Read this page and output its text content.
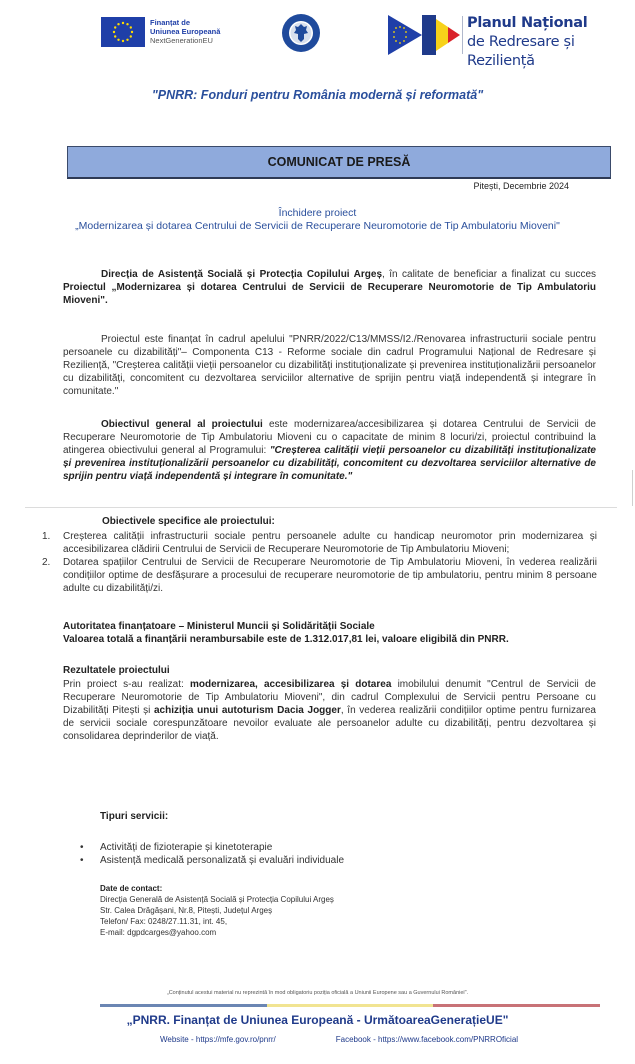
Finanțat de
Uniunea Europeană
NextGenerationEU
Planul Național
de Redresare și Reziliență
"PNRR: Fonduri pentru România modernă și reformată"
COMUNICAT DE PRESĂ
Pitești, Decembrie 2024
Închidere proiect
„Modernizarea și dotarea Centrului de Servicii de Recuperare Neuromotorie de Tip Ambulatoriu Mioveni"
Direcția de Asistență Socială și Protecția Copilului Argeș, în calitate de beneficiar a finalizat cu succes Proiectul „Modernizarea și dotarea Centrului de Servicii de Recuperare Neuromotorie de Tip Ambulatoriu Mioveni".
Proiectul este finanțat în cadrul apelului "PNRR/2022/C13/MMSS/I2./Renovarea infrastructurii sociale pentru persoanele cu dizabilități"– Componenta C13 - Reforme sociale din cadrul Programului Național de Redresare și Reziliență, "Creșterea calității vieții persoanelor cu dizabilități instituționalizate și prevenirea instituționalizării persoanelor cu dizabilități, concomitent cu dezvoltarea serviciilor alternative de sprijin pentru viață independentă și integrare în comunitate."
Obiectivul general al proiectului este modernizarea/accesibilizarea și dotarea Centrului de Servicii de Recuperare Neuromotorie de Tip Ambulatoriu Mioveni cu o capacitate de minim 8 locuri/zi, proiectul contribuind la atingerea obiectivului general al Programului: "Creșterea calității vieții persoanelor cu dizabilități instituționalizate și prevenirea instituționalizării persoanelor cu dizabilități, concomitent cu dezvoltarea serviciilor alternative de sprijin pentru viață independentă și integrare în comunitate."
Obiectivele specifice ale proiectului:
1.	Creșterea calității infrastructurii sociale pentru persoanele adulte cu handicap neuromotor prin modernizarea și accesibilizarea clădirii Centrului de Servicii de Recuperare Neuromotorie de Tip Ambulatoriu Mioveni;
2.	Dotarea spațiilor Centrului de Servicii de Recuperare Neuromotorie de Tip Ambulatoriu Mioveni, în vederea realizării condițiilor optime de desfășurare a procesului de recuperare neuromotorie de tip ambulatoriu, pentru minim 8 persoane adulte cu dizabilități/zi.
Autoritatea finanțatoare – Ministerul Muncii și Solidărității Sociale
Valoarea totală a finanțării nerambursabile este de 1.312.017,81 lei, valoare eligibilă din PNRR.
Rezultatele proiectului
Prin proiect s-au realizat: modernizarea, accesibilizarea și dotarea imobilului denumit "Centrul de Servicii de Recuperare Neuromotorie de Tip Ambulatoriu Mioveni", din cadrul Complexului de Servicii pentru Persoane cu Dizabilități Pitești și achiziția unui autoturism Dacia Jogger, în vederea realizării condițiilor optime pentru furnizarea de servicii sociale corespunzătoare nevoilor evaluate ale persoanelor adulte cu dizabilități, pentru dezvoltarea și consolidarea deprinderilor de viață.
Tipuri servicii:
•	Activități de fizioterapie și kinetoterapie
•	Asistență medicală personalizată și evaluări individuale
Date de contact:
Direcția Generală de Asistență Socială și Protecția Copilului Argeș
Str. Calea Drăgășani, Nr.8, Pitești, Județul Argeș
Telefon/ Fax: 0248/27.11.31, int. 45,
E-mail: dgpdcarges@yahoo.com
„Conținutul acestui material nu reprezintă în mod obligatoriu poziția oficială a Uniunii Europene sau a Guvernului României".
„PNRR. Finanțat de Uniunea Europeană - UrmătoareaGenerațieUE"
Website - https://mfe.gov.ro/pnrr/	Facebook - https://www.facebook.com/PNRROficial
